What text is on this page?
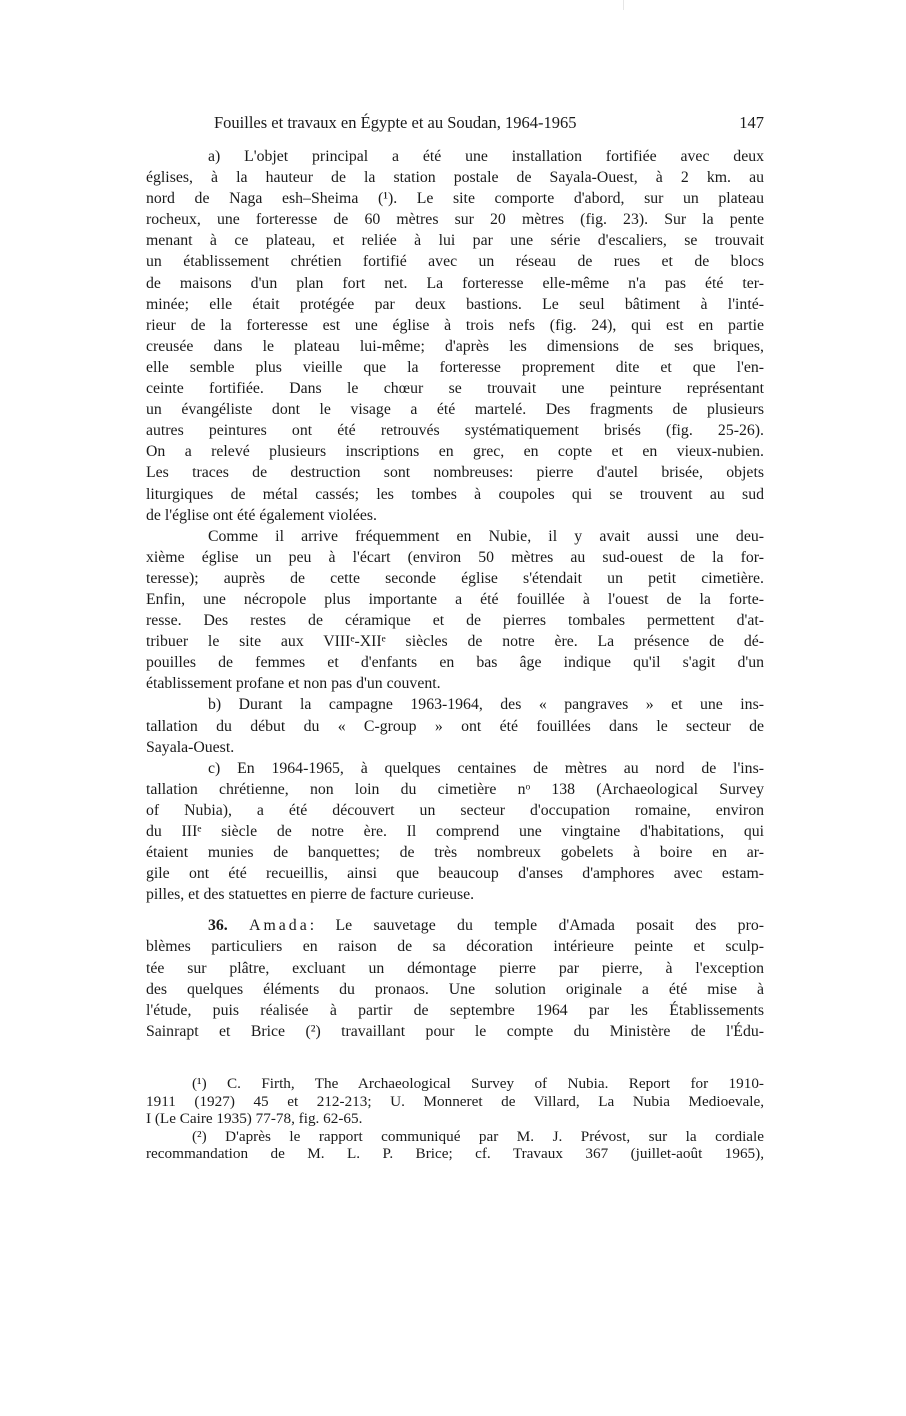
Fouilles et travaux en Égypte et au Soudan, 1964-1965	147

a) L'objet principal a été une installation fortifiée avec deux
églises, à la hauteur de la station postale de Sayala-Ouest, à 2 km. au
nord de Naga esh–Sheima (¹). Le site comporte d'abord, sur un plateau
rocheux, une forteresse de 60 mètres sur 20 mètres (fig. 23). Sur la pente
menant à ce plateau, et reliée à lui par une série d'escaliers, se trouvait
un établissement chrétien fortifié avec un réseau de rues et de blocs
de maisons d'un plan fort net. La forteresse elle-même n'a pas été ter-
minée; elle était protégée par deux bastions. Le seul bâtiment à l'inté-
rieur de la forteresse est une église à trois nefs (fig. 24), qui est en partie
creusée dans le plateau lui-même; d'après les dimensions de ses briques,
elle semble plus vieille que la forteresse proprement dite et que l'en-
ceinte fortifiée. Dans le chœur se trouvait une peinture représentant
un évangéliste dont le visage a été martelé. Des fragments de plusieurs
autres peintures ont été retrouvés systématiquement brisés (fig. 25-26).
On a relevé plusieurs inscriptions en grec, en copte et en vieux-nubien.
Les traces de destruction sont nombreuses: pierre d'autel brisée, objets
liturgiques de métal cassés; les tombes à coupoles qui se trouvent au sud
de l'église ont été également violées.

Comme il arrive fréquemment en Nubie, il y avait aussi une deu-
xième église un peu à l'écart (environ 50 mètres au sud-ouest de la for-
teresse); auprès de cette seconde église s'étendait un petit cimetière.
Enfin, une nécropole plus importante a été fouillée à l'ouest de la forte-
resse. Des restes de céramique et de pierres tombales permettent d'at-
tribuer le site aux VIIIᵉ-XIIᵉ siècles de notre ère. La présence de dé-
pouilles de femmes et d'enfants en bas âge indique qu'il s'agit d'un
établissement profane et non pas d'un couvent.

b) Durant la campagne 1963-1964, des « pangraves » et une ins-
tallation du début du « C-group » ont été fouillées dans le secteur de
Sayala-Ouest.

c) En 1964-1965, à quelques centaines de mètres au nord de l'ins-
tallation chrétienne, non loin du cimetière nᵒ 138 (Archaeological Survey
of Nubia), a été découvert un secteur d'occupation romaine, environ
du IIIᵉ siècle de notre ère. Il comprend une vingtaine d'habitations, qui
étaient munies de banquettes; de très nombreux gobelets à boire en ar-
gile ont été recueillis, ainsi que beaucoup d'anses d'amphores avec estam-
pilles, et des statuettes en pierre de facture curieuse.

36. Amada: Le sauvetage du temple d'Amada posait des pro-
blèmes particuliers en raison de sa décoration intérieure peinte et sculp-
tée sur plâtre, excluant un démontage pierre par pierre, à l'exception
des quelques éléments du pronaos. Une solution originale a été mise à
l'étude, puis réalisée à partir de septembre 1964 par les Établissements
Sainrapt et Brice (²) travaillant pour le compte du Ministère de l'Édu-

(¹) C. Firth, The Archaeological Survey of Nubia. Report for 1910-
1911 (1927) 45 et 212-213; U. Monneret de Villard, La Nubia Medioevale,
I (Le Caire 1935) 77-78, fig. 62-65.
(²) D'après le rapport communiqué par M. J. Prévost, sur la cordiale
recommandation de M. L. P. Brice; cf. Travaux 367 (juillet-août 1965),
